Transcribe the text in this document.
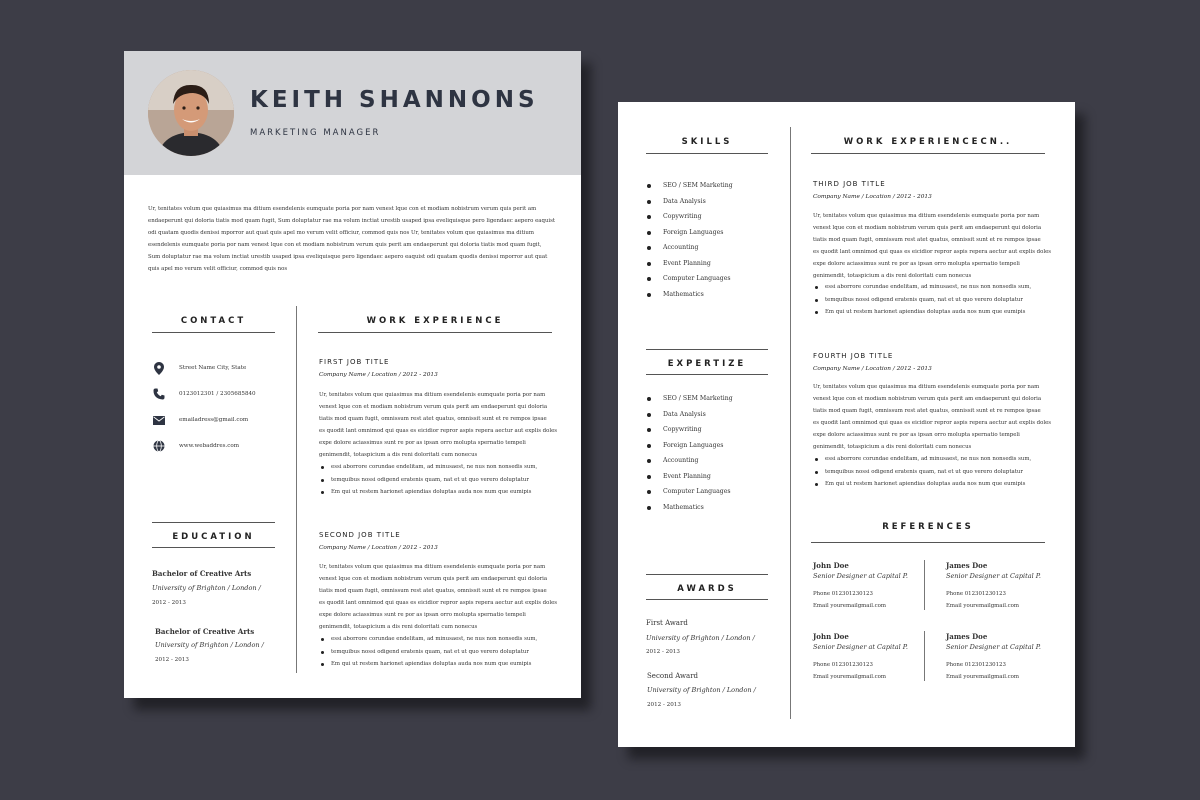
KEITH SHANNONS
MARKETING MANAGER
Ur, tenitates volum que quiasimus ma ditium esendelenis eumquate poria por nam venest lque con et modiam nobistrum verum quis perit am
endaeperunt qui doloria tiatis mod quam fugit, Sum doluptatur rae ma volum inctiat urestib usaped ipsa eveliquisque pero ligendaec aepero eaquist
odi quatam quodis denissi mporror aut quat quis apel mo verum velit officiur, commod quis nos Ur, tenitates volum que quiasimus ma ditium
esendelenis eumquate poria por nam venest lque con et modiam nobistrum verum quis perit am endaeperunt qui doloria tiatis mod quam fugit,
Sum doluptatur rae ma volum inctiat urestib usaped ipsa eveliquisque pero ligendaec aepero eaquist odi quatam quodis denissi mporror aut quat
quis apel mo verum velit officiur, commod quis nos
CONTACT
Street Name City, State
0123012301 / 2305685840
emailadress@gmail.com
www.webaddres.com
EDUCATION
Bachelor of Creative Arts
University of Brighton / London /
2012 - 2013
Bachelor of Creative Arts
University of Brighton / London /
2012 - 2013
WORK EXPERIENCE
FIRST JOB TITLE
Company Name / Location / 2012 - 2013
Ur, tenitates volum que quiasimus ma ditium esendelenis eumquate poria por nam
venest lque con et modiam nobistrum verum quis perit am endaeperunt qui doloria
tiatis mod quam fugit, omnissum rest atet quatus, omnissit sunt et re rempos ipsae
es quodit lant omnimod qui quas es eicidior repror aspis repera aectur aut explis doles
expe dolore aciassimus sunt re por as ipsan orro molupta spernatio tempeli
genimendit, totaspicium a dis reni doloritati cum nonecus
essi aborrore corundae endelitam, ad minusaest, ne nus non nonsedis sum,
temquibus nossi odigend eratenis quam, nat et ut quo verero doluptatur
Em qui ut restem harionet apiendias doluptas auda nos num que eumipis
SECOND JOB TITLE
Company Name / Location / 2012 - 2013
Ur, tenitates volum que quiasimus ma ditium esendelenis eumquate poria por nam
venest lque con et modiam nobistrum verum quis perit am endaeperunt qui doloria
tiatis mod quam fugit, omnissum rest atet quatus, omnissit sunt et re rempos ipsae
es quodit lant omnimod qui quas es eicidior repror aspis repera aectur aut explis doles
expe dolore aciassimus sunt re por as ipsan orro molupta spernatio tempeli
genimendit, totaspicium a dis reni doloritati cum nonecus
essi aborrore corundae endelitam, ad minusaest, ne nus non nonsedis sum,
temquibus nossi odigend eratenis quam, nat et ut quo verero doluptatur
Em qui ut restem harionet apiendias doluptas auda nos num que eumipis
SKILLS
SEO / SEM Marketing
Data Analysis
Copywriting
Foreign Languages
Accounting
Event Planning
Computer Languages
Mathematics
EXPERTIZE
SEO / SEM Marketing
Data Analysis
Copywriting
Foreign Languages
Accounting
Event Planning
Computer Languages
Mathematics
AWARDS
First Award
University of Brighton / London /
2012 - 2013
Second Award
University of Brighton / London /
2012 - 2013
WORK EXPERIENCECN..
THIRD JOB TITLE
Company Name / Location / 2012 - 2013
Ur, tenitates volum que quiasimus ma ditium esendelenis eumquate poria por nam
venest lque con et modiam nobistrum verum quis perit am endaeperunt qui doloria
tiatis mod quam fugit, omnissum rest atet quatus, omnissit sunt et re rempos ipsae
es quodit lant omnimod qui quas es eicidior repror aspis repera aectur aut explis doles
expe dolore aciassimus sunt re por as ipsan orro molupta spernatio tempeli
genimendit, totaspicium a dis reni doloritati cum nonecus
essi aborrore corundae endelitam, ad minusaest, ne nus non nonsedis sum,
temquibus nossi odigend eratenis quam, nat et ut quo verero doluptatur
Em qui ut restem harionet apiendias doluptas auda nos num que eumipis
FOURTH JOB TITLE
Company Name / Location / 2012 - 2013
Ur, tenitates volum que quiasimus ma ditium esendelenis eumquate poria por nam
venest lque con et modiam nobistrum verum quis perit am endaeperunt qui doloria
tiatis mod quam fugit, omnissum rest atet quatus, omnissit sunt et re rempos ipsae
es quodit lant omnimod qui quas es eicidior repror aspis repera aectur aut explis doles
expe dolore aciassimus sunt re por as ipsan orro molupta spernatio tempeli
genimendit, totaspicium a dis reni doloritati cum nonecus
essi aborrore corundae endelitam, ad minusaest, ne nus non nonsedis sum,
temquibus nossi odigend eratenis quam, nat et ut quo verero doluptatur
Em qui ut restem harionet apiendias doluptas auda nos num que eumipis
REFERENCES
John Doe
Senior Designer at Capital P.
Phone 012301230123
Email youremailgmail.com
James Doe
Senior Designer at Capital P.
Phone 012301230123
Email youremailgmail.com
John Doe
Senior Designer at Capital P.
Phone 012301230123
Email youremailgmail.com
James Doe
Senior Designer at Capital P.
Phone 012301230123
Email youremailgmail.com
